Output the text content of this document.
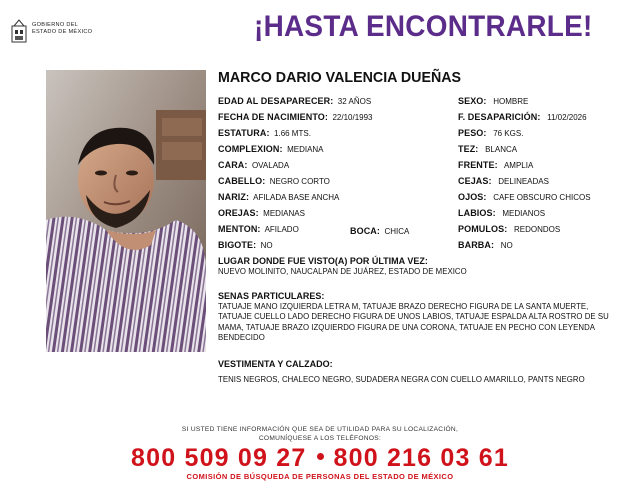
GOBIERNO DEL
ESTADO DE MÉXICO	¡HASTA ENCONTRARLE!
MARCO DARIO VALENCIA DUEÑAS
EDAD AL DESAPARECER: 32 AÑOS
FECHA DE NACIMIENTO: 22/10/1993
ESTATURA: 1.66 MTS.
COMPLEXION: MEDIANA
CARA: OVALADA
CABELLO: NEGRO CORTO
NARIZ: AFILADA BASE ANCHA
OREJAS: MEDIANAS
MENTON: AFILADO	BOCA: CHICA
BIGOTE: NO
SEXO: HOMBRE
F. DESAPARICIÓN: 11/02/2026
PESO: 76 KGS.
TEZ: BLANCA
FRENTE: AMPLIA
CEJAS: DELINEADAS
OJOS: CAFE OBSCURO CHICOS
LABIOS: MEDIANOS
POMULOS: REDONDOS
BARBA: NO
LUGAR DONDE FUE VISTO(A) POR ÚLTIMA VEZ:
NUEVO MOLINITO, NAUCALPAN DE JUÁREZ, ESTADO DE MEXICO
SENAS PARTICULARES:
TATUAJE MANO IZQUIERDA LETRA M, TATUAJE BRAZO DERECHO FIGURA DE LA SANTA MUERTE, TATUAJE CUELLO LADO DERECHO FIGURA DE UNOS LABIOS, TATUAJE ESPALDA ALTA ROSTRO DE SU MAMA, TATUAJE BRAZO IZQUIERDO FIGURA DE UNA CORONA, TATUAJE EN PECHO CON LEYENDA BENDECIDO
VESTIMENTA Y CALZADO:
TENIS NEGROS, CHALECO NEGRO, SUDADERA NEGRA CON CUELLO AMARILLO, PANTS NEGRO
SI USTED TIENE INFORMACIÓN QUE SEA DE UTILIDAD PARA SU LOCALIZACIÓN,
COMUNÍQUESE A LOS TELÉFONOS:
800 509 09 27 800 216 03 61
COMISIÓN DE BÚSQUEDA DE PERSONAS DEL ESTADO DE MÉXICO
